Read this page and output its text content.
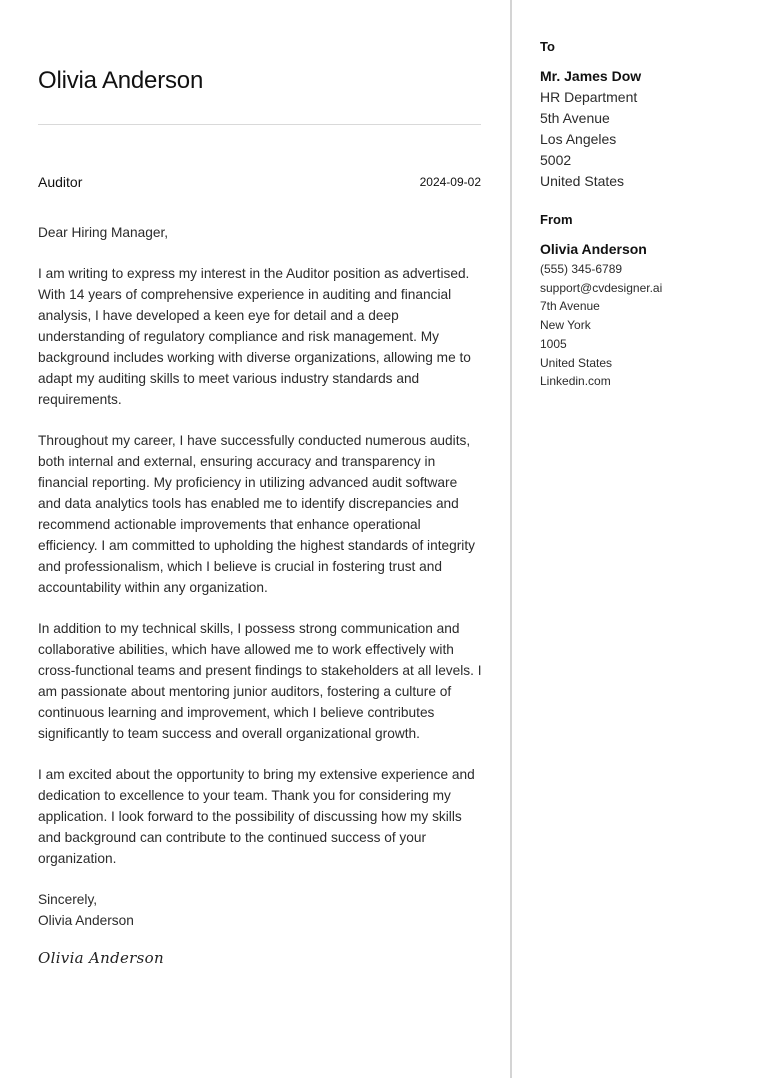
Olivia Anderson
Auditor	2024-09-02

Dear Hiring Manager,

I am writing to express my interest in the Auditor position as advertised. With 14 years of comprehensive experience in auditing and financial analysis, I have developed a keen eye for detail and a deep understanding of regulatory compliance and risk management. My background includes working with diverse organizations, allowing me to adapt my auditing skills to meet various industry standards and requirements.

Throughout my career, I have successfully conducted numerous audits, both internal and external, ensuring accuracy and transparency in financial reporting. My proficiency in utilizing advanced audit software and data analytics tools has enabled me to identify discrepancies and recommend actionable improvements that enhance operational efficiency. I am committed to upholding the highest standards of integrity and professionalism, which I believe is crucial in fostering trust and accountability within any organization.

In addition to my technical skills, I possess strong communication and collaborative abilities, which have allowed me to work effectively with cross-functional teams and present findings to stakeholders at all levels. I am passionate about mentoring junior auditors, fostering a culture of continuous learning and improvement, which I believe contributes significantly to team success and overall organizational growth.

I am excited about the opportunity to bring my extensive experience and dedication to excellence to your team. Thank you for considering my application. I look forward to the possibility of discussing how my skills and background can contribute to the continued success of your organization.

Sincerely,
Olivia Anderson
Olivia Anderson
To
Mr. James Dow
HR Department
5th Avenue
Los Angeles
5002
United States
From
Olivia Anderson
(555) 345-6789
support@cvdesigner.ai
7th Avenue
New York
1005
United States
Linkedin.com
